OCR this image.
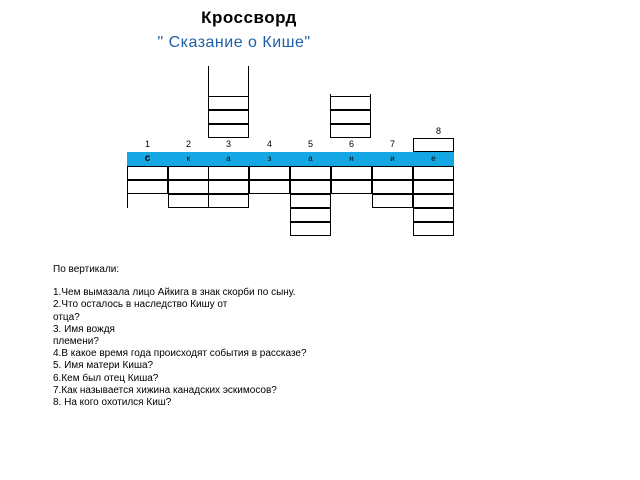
Кроссворд
" Сказание о Кише"
1	2	3	4	5	6	7
8
с	к	а	з	а	н	и	е
По вертикали:
1.Чем вымазала лицо Айкига в знак скорби по сыну.
2.Что осталось в наследство Кишу от
отца?
3. Имя вождя
племени?
4.В какое время года происходят события в рассказе?
5. Имя матери Киша?
6.Кем был отец Киша?
7.Как называется хижина канадских эскимосов?
8. На кого охотился Киш?
